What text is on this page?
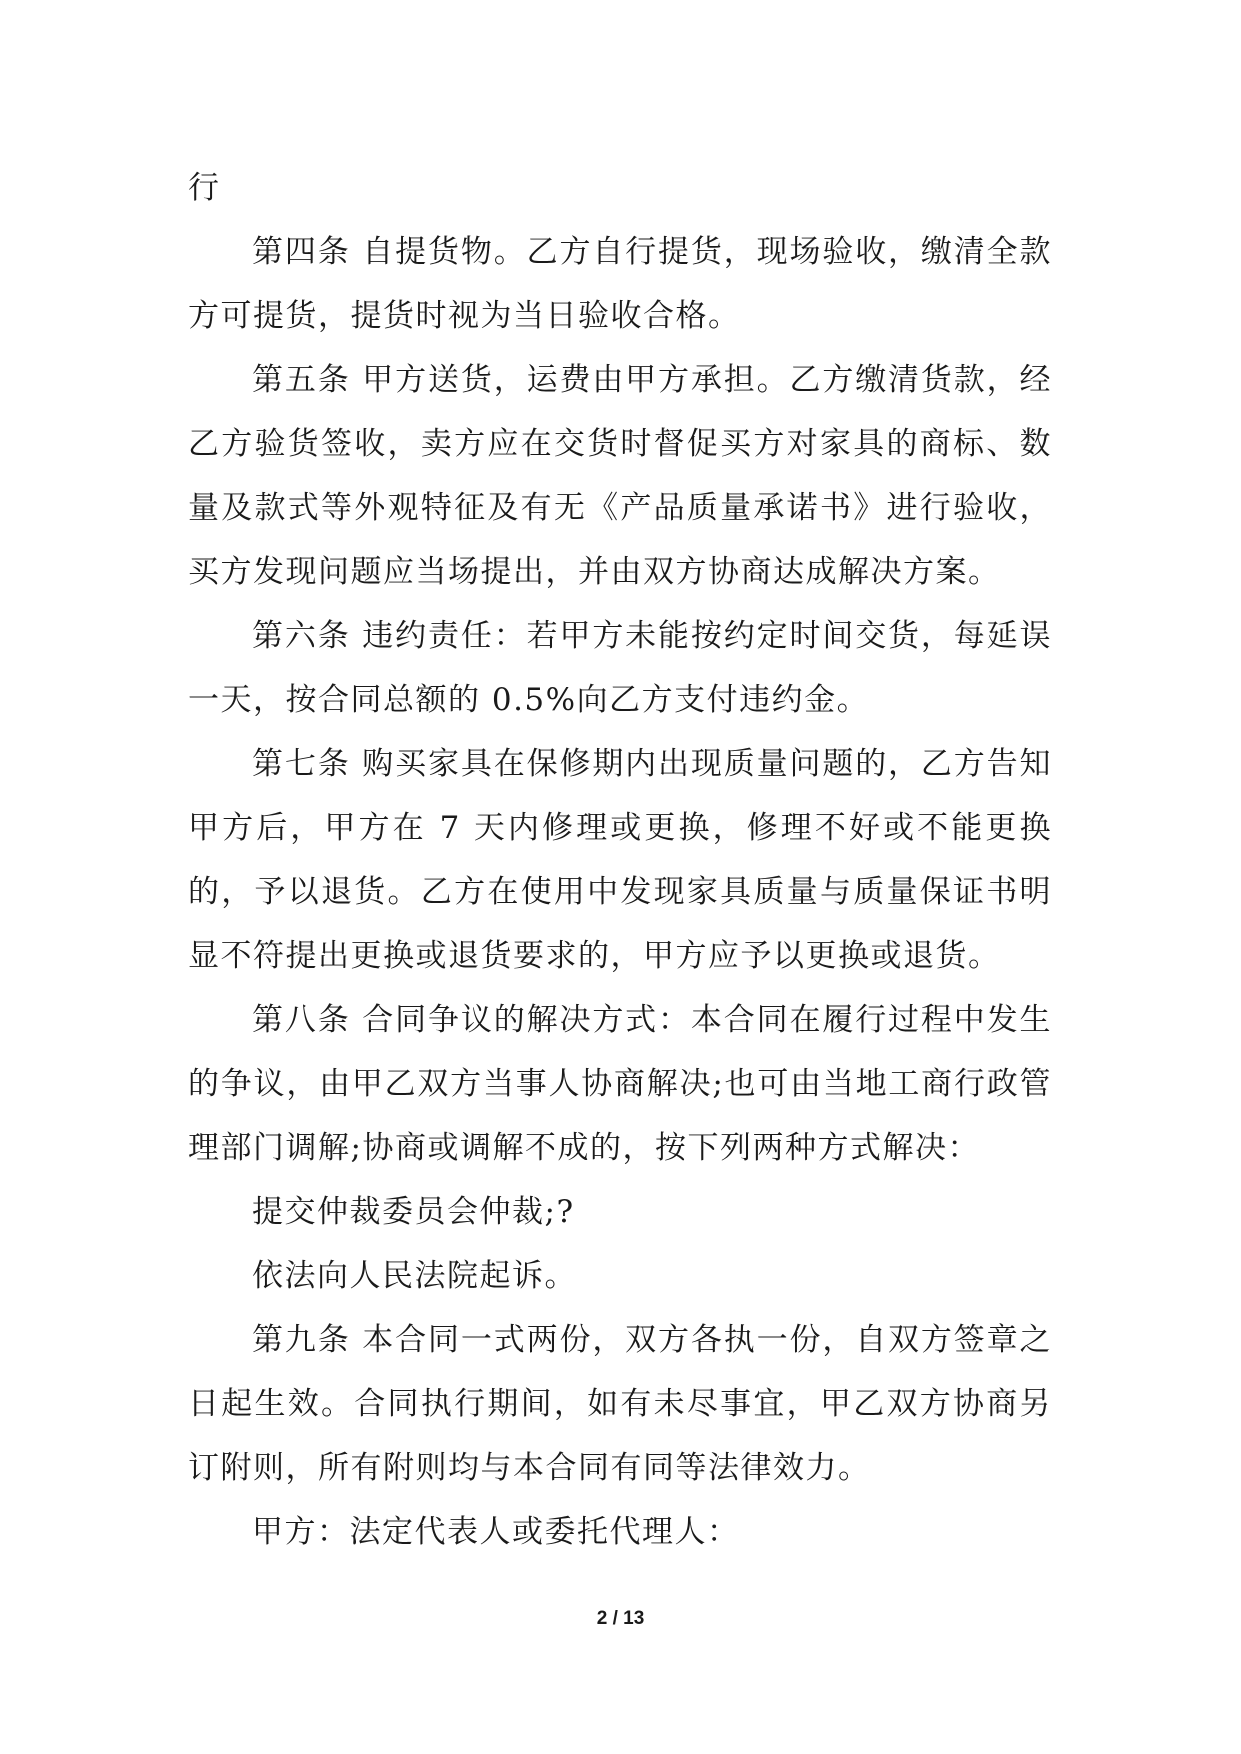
行

第四条 自提货物。乙方自行提货，现场验收，缴清全款方可提货，提货时视为当日验收合格。

第五条 甲方送货，运费由甲方承担。乙方缴清货款，经乙方验货签收，卖方应在交货时督促买方对家具的商标、数量及款式等外观特征及有无《产品质量承诺书》进行验收，买方发现问题应当场提出，并由双方协商达成解决方案。

第六条 违约责任：若甲方未能按约定时间交货，每延误一天，按合同总额的 0.5%向乙方支付违约金。

第七条 购买家具在保修期内出现质量问题的，乙方告知甲方后，甲方在 7 天内修理或更换，修理不好或不能更换的，予以退货。乙方在使用中发现家具质量与质量保证书明显不符提出更换或退货要求的，甲方应予以更换或退货。

第八条 合同争议的解决方式：本合同在履行过程中发生的争议，由甲乙双方当事人协商解决;也可由当地工商行政管理部门调解;协商或调解不成的，按下列两种方式解决：

提交仲裁委员会仲裁;?

依法向人民法院起诉。

第九条 本合同一式两份，双方各执一份，自双方签章之日起生效。合同执行期间，如有未尽事宜，甲乙双方协商另订附则，所有附则均与本合同有同等法律效力。

甲方：法定代表人或委托代理人：

2 / 13
